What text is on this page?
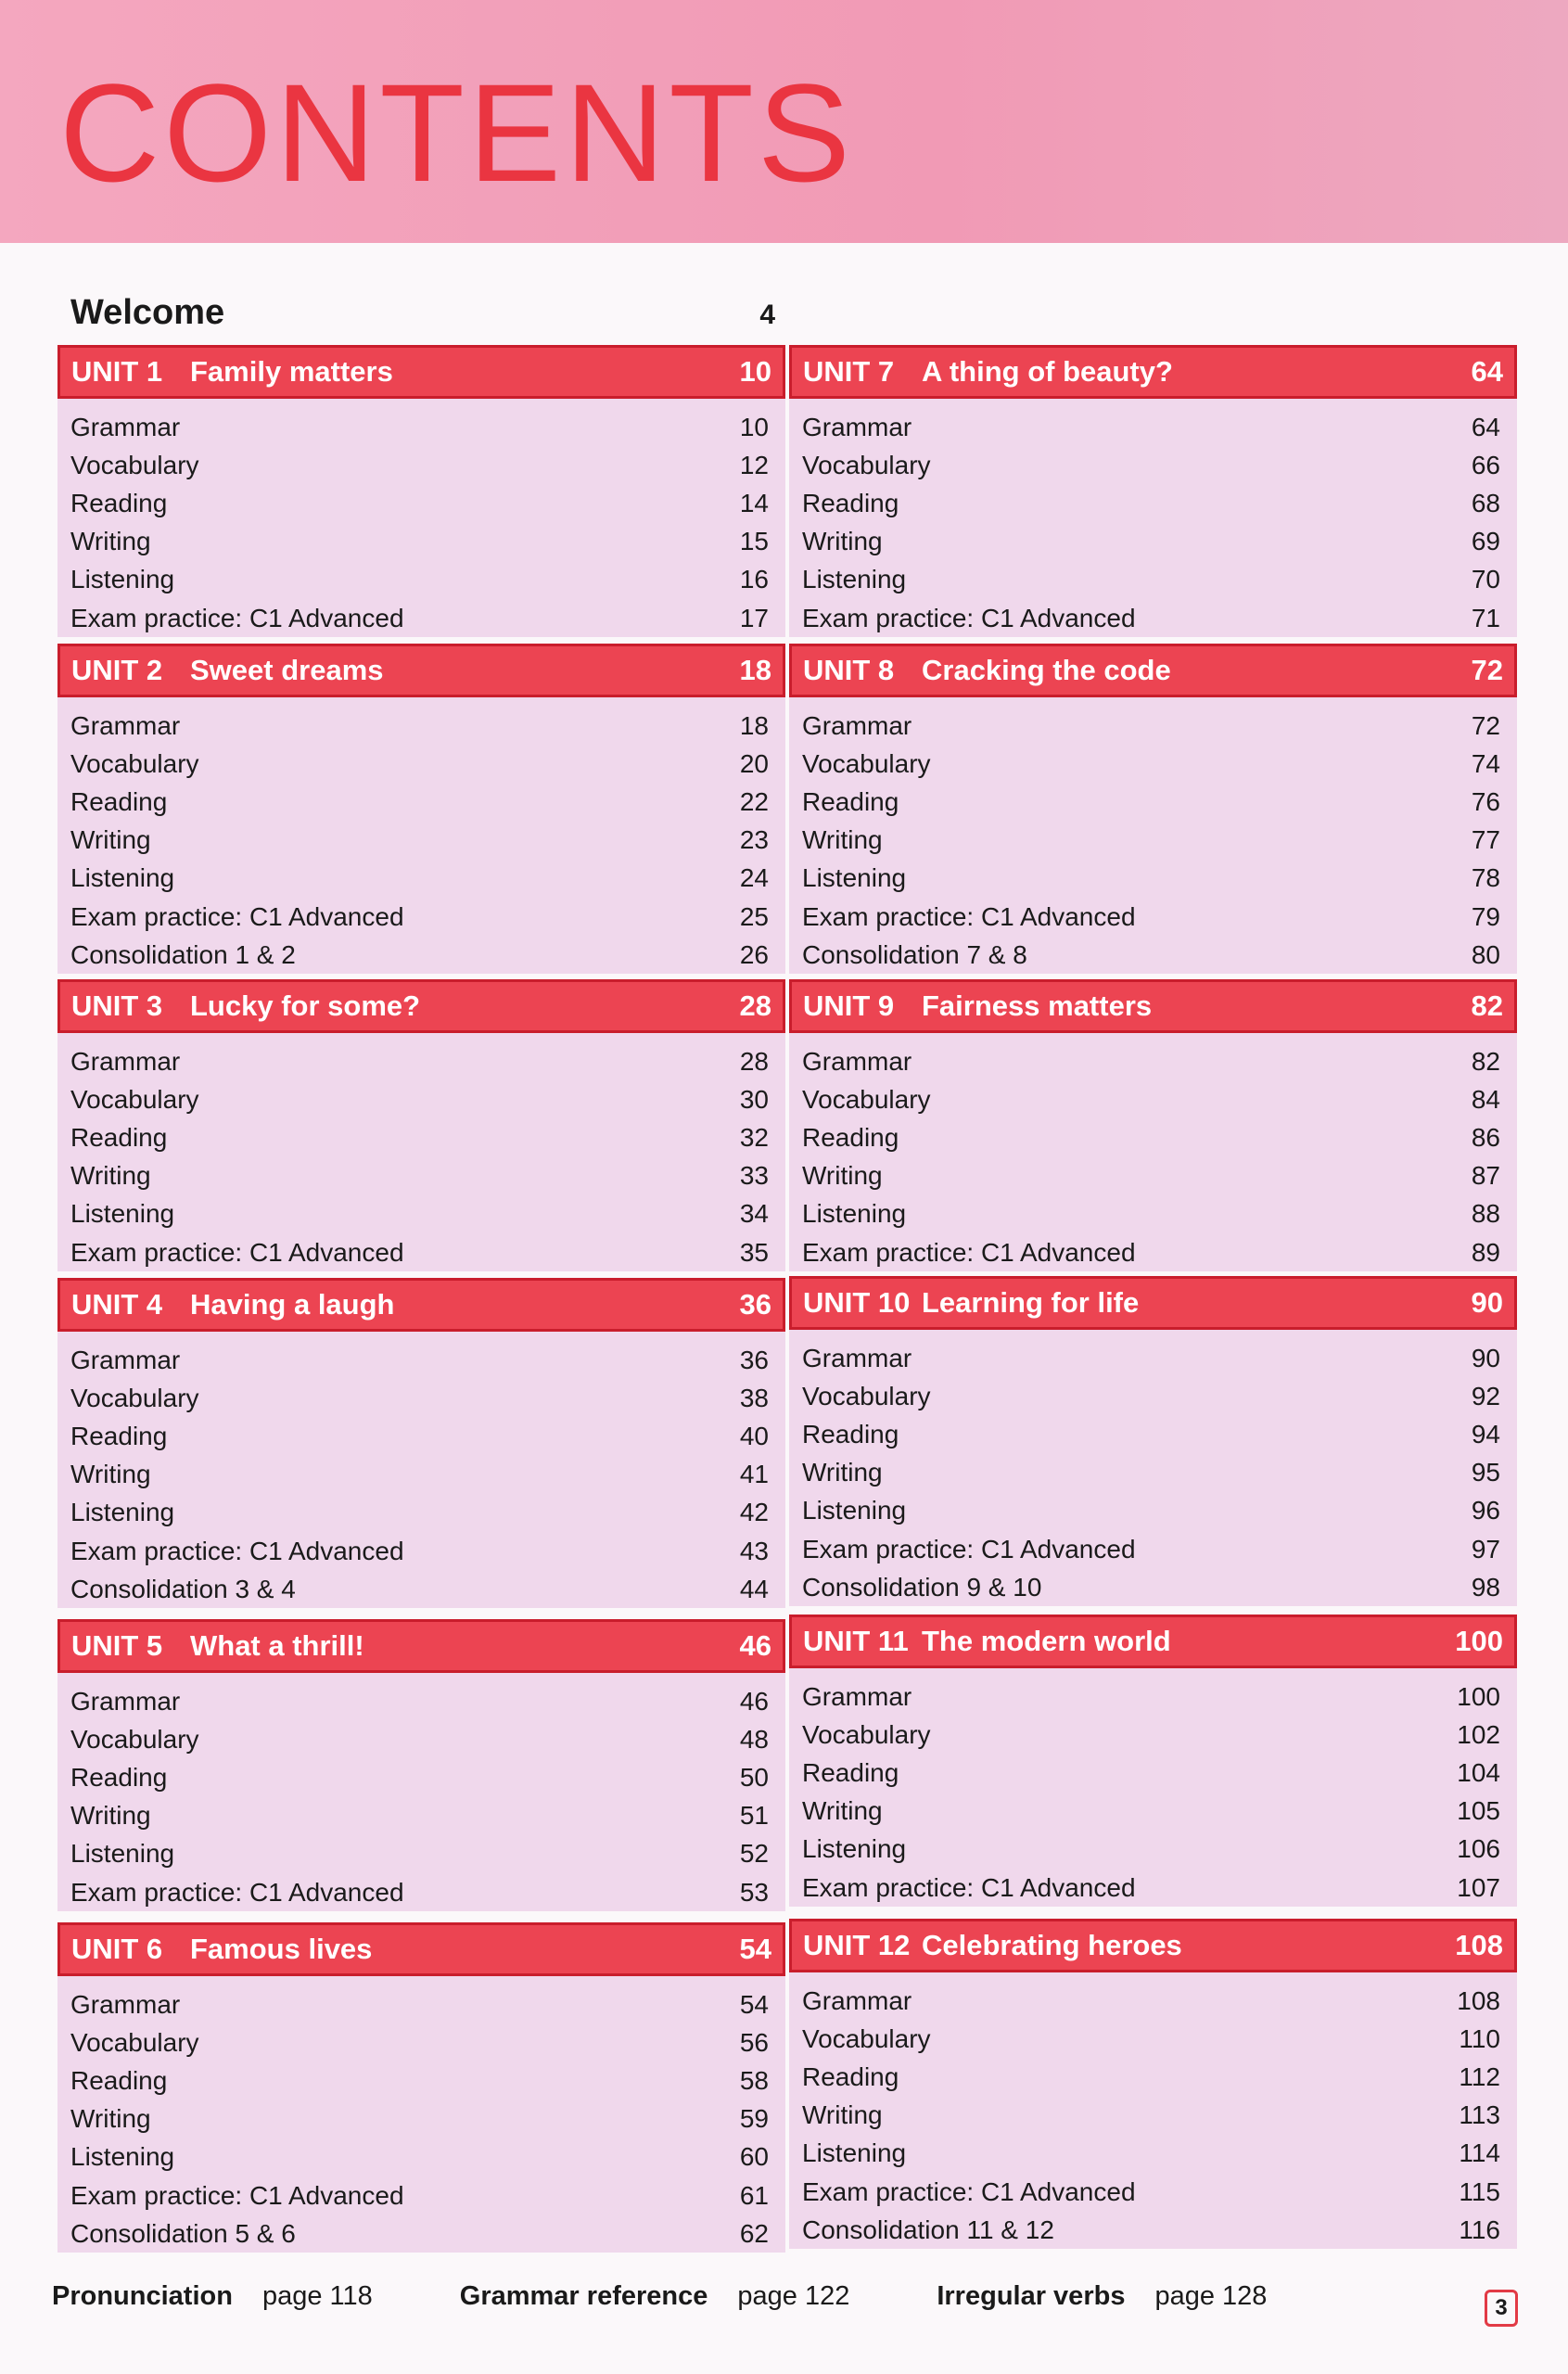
CONTENTS
Welcome	4
UNIT 1 Family matters	10
Grammar	10
Vocabulary	12
Reading	14
Writing	15
Listening	16
Exam practice: C1 Advanced	17
UNIT 2 Sweet dreams	18
Grammar	18
Vocabulary	20
Reading	22
Writing	23
Listening	24
Exam practice: C1 Advanced	25
Consolidation 1 & 2	26
UNIT 3 Lucky for some?	28
Grammar	28
Vocabulary	30
Reading	32
Writing	33
Listening	34
Exam practice: C1 Advanced	35
UNIT 4 Having a laugh	36
Grammar	36
Vocabulary	38
Reading	40
Writing	41
Listening	42
Exam practice: C1 Advanced	43
Consolidation 3 & 4	44
UNIT 5 What a thrill!	46
Grammar	46
Vocabulary	48
Reading	50
Writing	51
Listening	52
Exam practice: C1 Advanced	53
UNIT 6 Famous lives	54
Grammar	54
Vocabulary	56
Reading	58
Writing	59
Listening	60
Exam practice: C1 Advanced	61
Consolidation 5 & 6	62
UNIT 7 A thing of beauty?	64
Grammar	64
Vocabulary	66
Reading	68
Writing	69
Listening	70
Exam practice: C1 Advanced	71
UNIT 8 Cracking the code	72
Grammar	72
Vocabulary	74
Reading	76
Writing	77
Listening	78
Exam practice: C1 Advanced	79
Consolidation 7 & 8	80
UNIT 9 Fairness matters	82
Grammar	82
Vocabulary	84
Reading	86
Writing	87
Listening	88
Exam practice: C1 Advanced	89
UNIT 10 Learning for life	90
Grammar	90
Vocabulary	92
Reading	94
Writing	95
Listening	96
Exam practice: C1 Advanced	97
Consolidation 9 & 10	98
UNIT 11 The modern world	100
Grammar	100
Vocabulary	102
Reading	104
Writing	105
Listening	106
Exam practice: C1 Advanced	107
UNIT 12 Celebrating heroes	108
Grammar	108
Vocabulary	110
Reading	112
Writing	113
Listening	114
Exam practice: C1 Advanced	115
Consolidation 11 & 12	116
Pronunciation page 118	Grammar reference page 122	Irregular verbs page 128	3
